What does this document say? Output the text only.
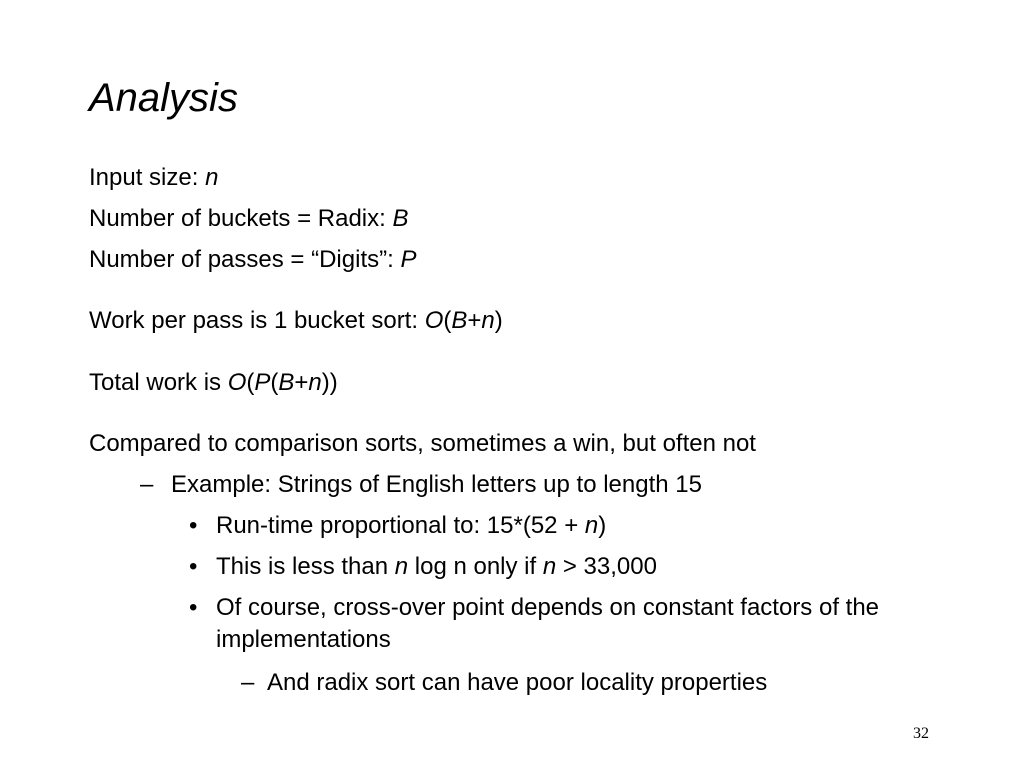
Analysis
Input size: n
Number of buckets = Radix: B
Number of passes = “Digits”: P
Work per pass is 1 bucket sort: O(B+n)
Total work is O(P(B+n))
Compared to comparison sorts, sometimes a win, but often not
– Example: Strings of English letters up to length 15
• Run-time proportional to: 15*(52 + n)
• This is less than n log n only if n > 33,000
• Of course, cross-over point depends on constant factors of the implementations
– And radix sort can have poor locality properties
32
